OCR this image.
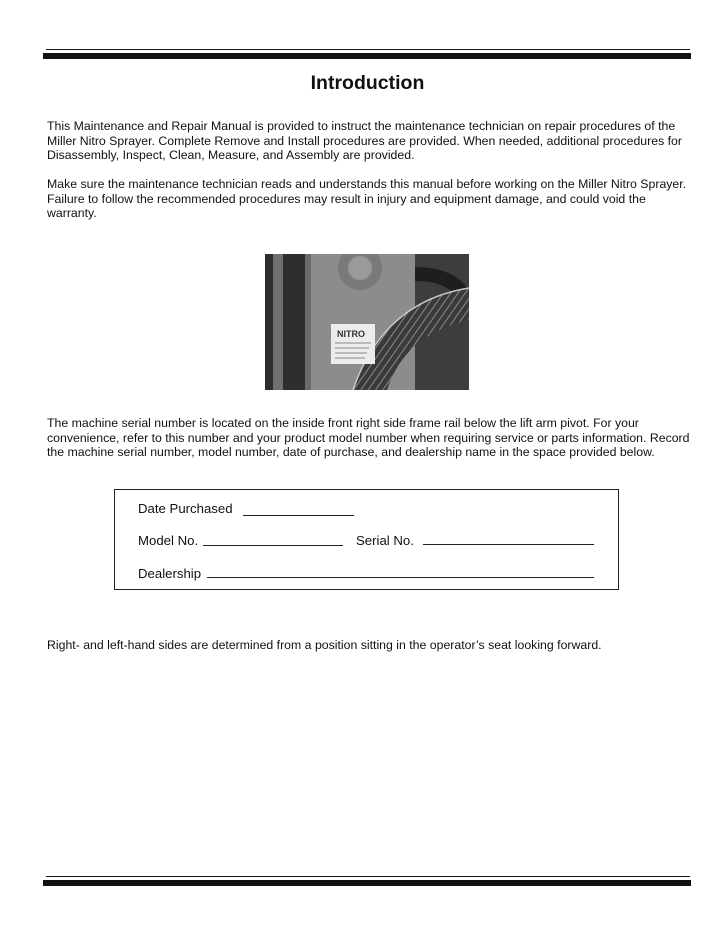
Introduction

This Maintenance and Repair Manual is provided to instruct the maintenance technician on repair procedures of the Miller Nitro Sprayer. Complete Remove and Install procedures are provided. When needed, additional procedures for Disassembly, Inspect, Clean, Measure, and Assembly are provided.

Make sure the maintenance technician reads and understands this manual before working on the Miller Nitro Sprayer. Failure to follow the recommended procedures may result in injury and equipment damage, and could void the warranty.

NITRO

The machine serial number is located on the inside front right side frame rail below the lift arm pivot. For your convenience, refer to this number and your product model number when requiring service or parts information. Record the machine serial number, model number, date of purchase, and dealership name in the space provided below.

Date Purchased
Model No.	Serial No.
Dealership

Right- and left-hand sides are determined from a position sitting in the operator’s seat looking forward.
